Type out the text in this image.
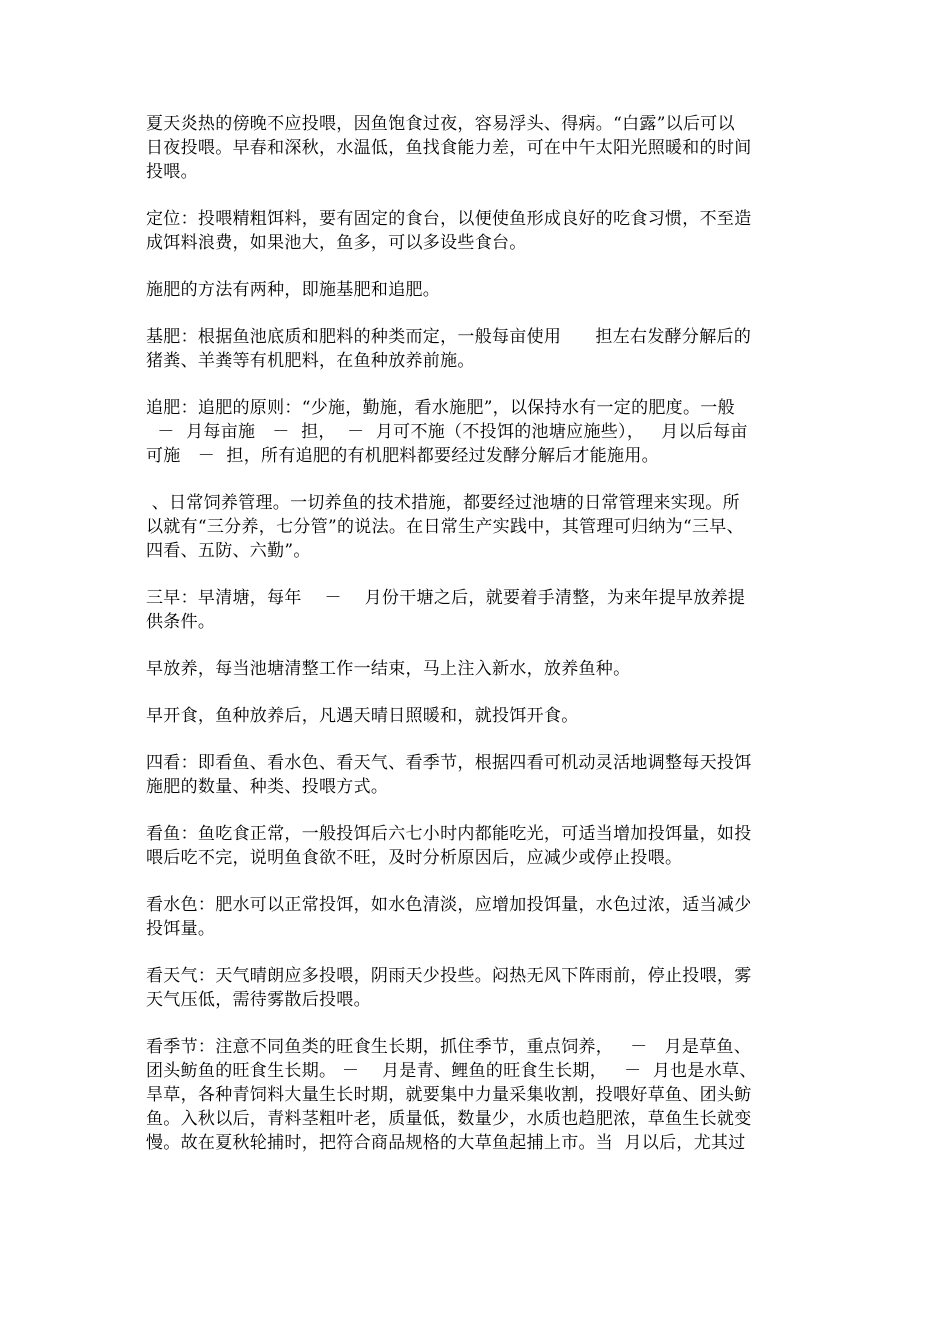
夏天炎热的傍晚不应投喂，因鱼饱食过夜，容易浮头、得病。“白露”以后可以
日夜投喂。早春和深秋，水温低，鱼找食能力差，可在中午太阳光照暖和的时间
投喂。

定位：投喂精粗饵料，要有固定的食台，以便使鱼形成良好的吃食习惯，不至造
成饵料浪费，如果池大，鱼多，可以多设些食台。

施肥的方法有两种，即施基肥和追肥。

基肥：根据鱼池底质和肥料的种类而定，一般每亩使用      担左右发酵分解后的
猪粪、羊粪等有机肥料，在鱼种放养前施。

追肥：追肥的原则：“少施，勤施，看水施肥”，以保持水有一定的肥度。一般
－  月每亩施   －  担，  －  月可不施（不投饵的池塘应施些），   月以后每亩
可施   －  担，所有追肥的有机肥料都要经过发酵分解后才能施用。

、日常饲养管理。一切养鱼的技术措施，都要经过池塘的日常管理来实现。所
以就有“三分养，七分管”的说法。在日常生产实践中，其管理可归纳为“三早、
四看、五防、六勤”。

三早：早清塘，每年    －    月份干塘之后，就要着手清整，为来年提早放养提
供条件。

早放养，每当池塘清整工作一结束，马上注入新水，放养鱼种。

早开食，鱼种放养后，凡遇天晴日照暖和，就投饵开食。

四看：即看鱼、看水色、看天气、看季节，根据四看可机动灵活地调整每天投饵
施肥的数量、种类、投喂方式。

看鱼：鱼吃食正常，一般投饵后六七小时内都能吃光，可适当增加投饵量，如投
喂后吃不完，说明鱼食欲不旺，及时分析原因后，应减少或停止投喂。

看水色：肥水可以正常投饵，如水色清淡，应增加投饵量，水色过浓，适当减少
投饵量。

看天气：天气晴朗应多投喂，阴雨天少投些。闷热无风下阵雨前，停止投喂，雾
天气压低，需待雾散后投喂。

看季节：注意不同鱼类的旺食生长期，抓住季节，重点饲养，   －   月是草鱼、
团头鲂鱼的旺食生长期。 －    月是青、鲤鱼的旺食生长期，   －  月也是水草、
旱草，各种青饲料大量生长时期，就要集中力量采集收割，投喂好草鱼、团头鲂
鱼。入秋以后，青料茎粗叶老，质量低，数量少，水质也趋肥浓，草鱼生长就变
慢。故在夏秋轮捕时，把符合商品规格的大草鱼起捕上市。当  月以后，尤其过
